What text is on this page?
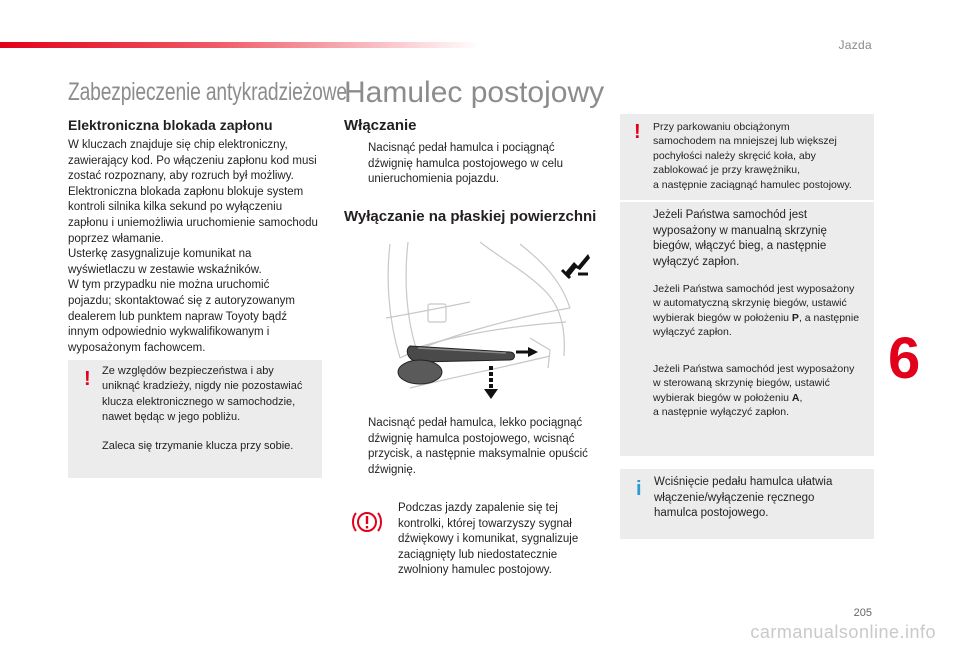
Jazda
Zabezpieczenie antykradzieżowe
Elektroniczna blokada zapłonu

W kluczach znajduje się chip elektroniczny,
zawierający kod. Po włączeniu zapłonu kod musi
zostać rozpoznany, aby rozruch był możliwy.
Elektroniczna blokada zapłonu blokuje system
kontroli silnika kilka sekund po wyłączeniu
zapłonu i uniemożliwia uruchomienie samochodu
poprzez włamanie.
Usterkę zasygnalizuje komunikat na
wyświetlaczu w zestawie wskaźników.
W tym przypadku nie można uruchomić
pojazdu; skontaktować się z autoryzowanym
dealerem lub punktem napraw Toyoty bądź
innym odpowiednio wykwalifikowanym i
wyposażonym fachowcem.

! Ze względów bezpieczeństwa i aby
uniknąć kradzieży, nigdy nie pozostawiać
klucza elektronicznego w samochodzie,
nawet będąc w jego pobliżu.

Zaleca się trzymanie klucza przy sobie.

Hamulec postojowy
Włączanie

Nacisnąć pedał hamulca i pociągnąć
dźwignię hamulca postojowego w celu
unieruchomienia pojazdu.

Wyłączanie na płaskiej powierzchni

Nacisnąć pedał hamulca, lekko pociągnąć
dźwignię hamulca postojowego, wcisnąć
przycisk, a następnie maksymalnie opuścić
dźwignię.

Podczas jazdy zapalenie się tej
kontrolki, której towarzyszy sygnał
dźwiękowy i komunikat, sygnalizuje
zaciągnięty lub niedostatecznie
zwolniony hamulec postojowy.

! Przy parkowaniu obciążonym
samochodem na mniejszej lub większej
pochyłości należy skręcić koła, aby
zablokować je przy krawężniku,
a następnie zaciągnąć hamulec postojowy.

Jeżeli Państwa samochód jest
wyposażony w manualną skrzynię
biegów, włączyć bieg, a następnie
wyłączyć zapłon.

Jeżeli Państwa samochód jest wyposażony
w automatyczną skrzynię biegów, ustawić
wybierak biegów w położeniu P, a następnie
wyłączyć zapłon.

Jeżeli Państwa samochód jest wyposażony
w sterowaną skrzynię biegów, ustawić
wybierak biegów w położeniu A,
a następnie wyłączyć zapłon.

i Wciśnięcie pedału hamulca ułatwia
włączenie/wyłączenie ręcznego
hamulca postojowego.

6
205
carmanualsonline.info
